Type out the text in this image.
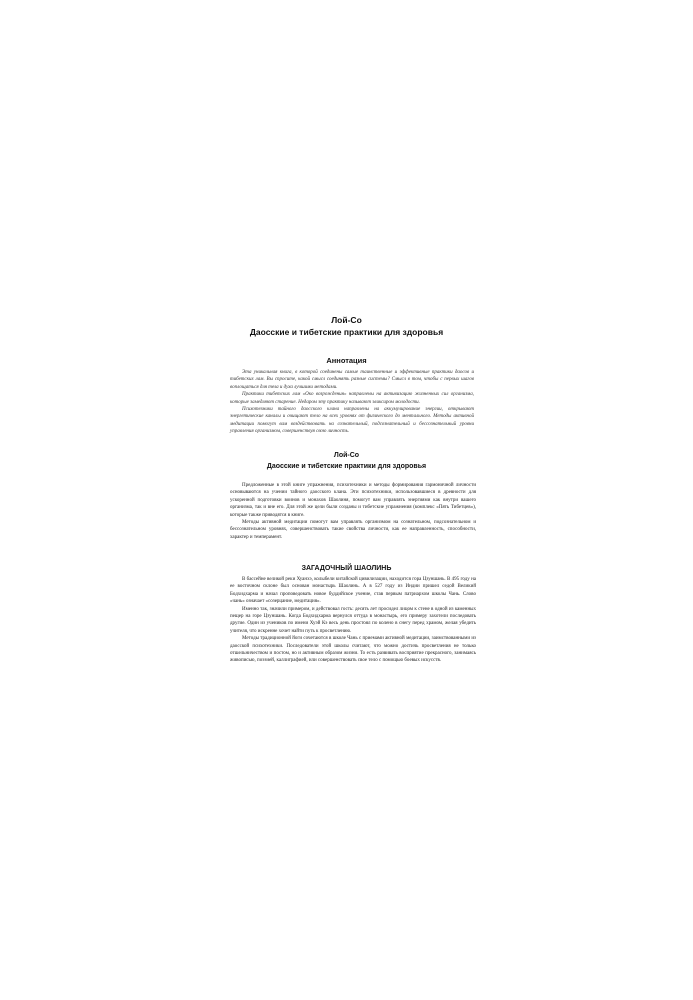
Лой-Со
Даосские и тибетские практики для здоровья
Аннотация

Эта уникальная книга, в которой соединены самые таинственные и эффективные практики даосов и тибетских лам. Вы спросите, какой смысл соединять разные системы? Смысл в том, чтобы с первых шагов воплощаться для тела и духа лучшими методами.

Практики тибетских лам «Око возрождения» направлены на активизацию жизненных сил организма, которые замедляют старение. Недаром эту практику называют эликсиром молодости.

Психотехники тайного даосского клана направлены на аккумулирование энергии, открывают энергетические каналы и очищают тело на всех уровнях от физического до ментального. Методы активной медитации помогут вам воздействовать на сознательный, подсознательный и бессознательный уровни управления организмом, совершенствуя свою личность.

Лой-Со
Даосские и тибетские практики для здоровья

Предложенные в этой книге упражнения, психотехники и методы формирования гармоничной личности основываются на учении тайного даосского клана. Эти психотехники, использовавшиеся в древности для ускоренной подготовки воинов и монахов Шаолиня, помогут вам управлять энергиями как внутри вашего организма, так и вне его. Для этой же цели были созданы и тибетские упражнения (комплекс «Пять Тибетцев»), которые также приводятся в книге.

Методы активной медитации помогут вам управлять организмом на сознательном, подсознательном и бессознательном уровнях, совершенствовать такие свойства личности, как ее направленность, способности, характер и темперамент.

ЗАГАДОЧНЫЙ ШАОЛИНЬ

В бассейне великой реки Хуанхэ, колыбели китайской цивилизации, находится гора Цзуншань. В 495 году на ее восточном склоне был основан монастырь Шаолинь. А в 527 году из Индии пришел седой Великий Бодхидхарма и начал проповедовать новое буддийское учение, став первым патриархом школы Чань. Слово «чань» означает «созерцание, медитация».

Именно так, значили примером, и действовал гость: десять лет просидел лицом к стене в одной из каменных пещер на горе Цзуншань. Когда Бодхидхарма вернулся оттуда в монастырь, его примеру захотели последовать другие. Один из учеников по имени Хуэй Кэ весь день простоял по колено в снегу перед храмом, желая убедить учителя, что искренне хочет найти путь к просветлению.

Методы традиционной йоги сочетаются в школе Чань с приемами активной медитации, заимствованными из даосской психотехники. Последователи этой школы считают, что можно достичь просветления не только отшельничеством и постом, но и активным образом жизни. То есть развивать восприятие прекрасного, занимаясь живописью, поэзией, каллиграфией, или совершенствовать свое тело с помощью боевых искусств.
